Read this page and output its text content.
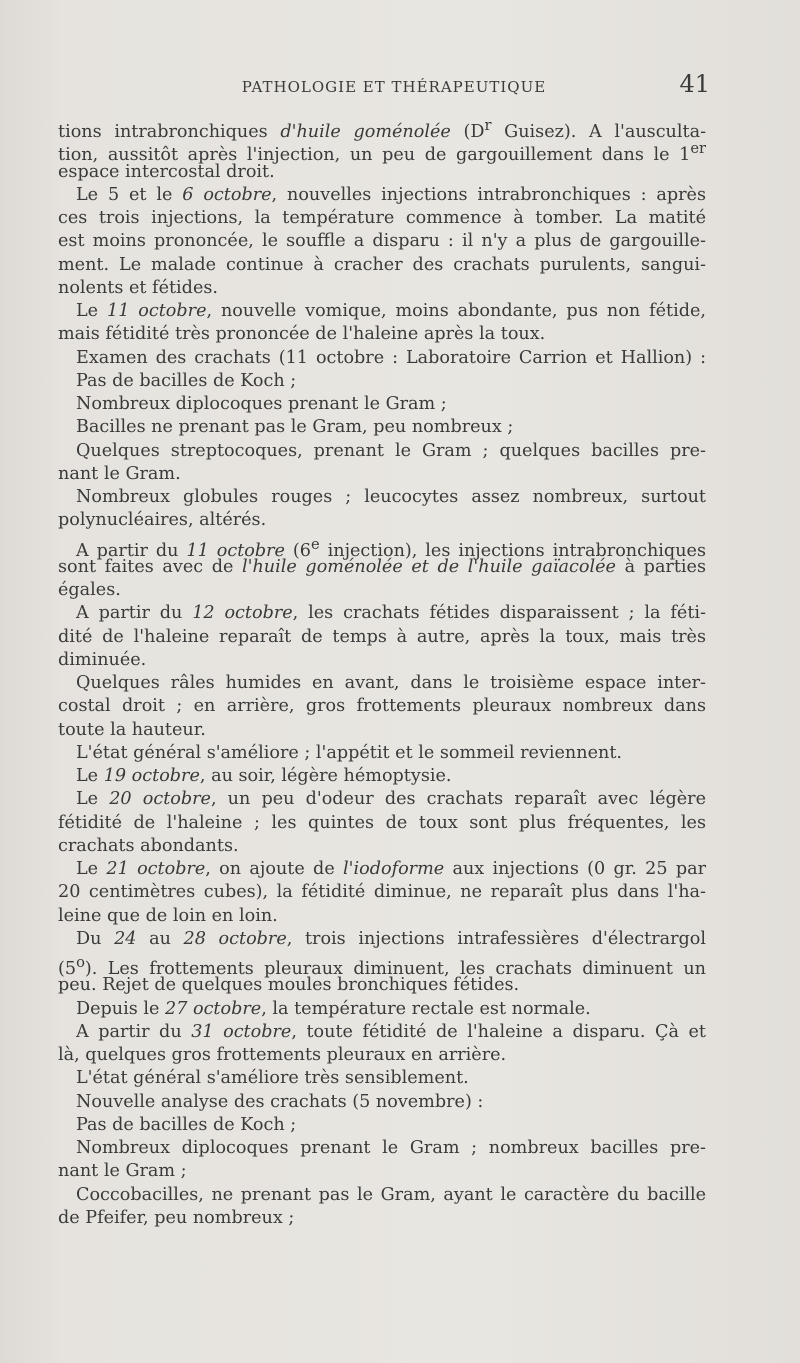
PATHOLOGIE ET THÉRAPEUTIQUE	41
tions intrabronchiques d'huile goménolée ($D^r$ Guisez). A l'ausculta-
tion, aussitôt après l'injection, un peu de gargouillement dans le 1er
espace intercostal droit.
Le 5 et le 6 octobre, nouvelles injections intrabronchiques : après
ces trois injections, la température commence à tomber. La matité
est moins prononcée, le souffle a disparu : il n'y a plus de gargouille-
ment. Le malade continue à cracher des crachats purulents, sangui-
nolents et fétides.
Le 11 octobre, nouvelle vomique, moins abondante, pus non fétide,
mais fétidité très prononcée de l'haleine après la toux.
Examen des crachats (11 octobre : Laboratoire Carrion et Hallion) :
Pas de bacilles de Koch ;
Nombreux diplocoques prenant le Gram ;
Bacilles ne prenant pas le Gram, peu nombreux ;
Quelques streptocoques, prenant le Gram ; quelques bacilles pre-
nant le Gram.
Nombreux globules rouges ; leucocytes assez nombreux, surtout
polynucléaires, altérés.
A partir du 11 octobre (6e injection), les injections intrabronchiques
sont faites avec de l'huile goménolée et de l'huile gaïacolée à parties
égales.
A partir du 12 octobre, les crachats fétides disparaissent ; la féti-
dité de l'haleine reparaît de temps à autre, après la toux, mais très
diminuée.
Quelques râles humides en avant, dans le troisième espace inter-
costal droit ; en arrière, gros frottements pleuraux nombreux dans
toute la hauteur.
L'état général s'améliore ; l'appétit et le sommeil reviennent.
Le 19 octobre, au soir, légère hémoptysie.
Le 20 octobre, un peu d'odeur des crachats reparaît avec légère
fétidité de l'haleine ; les quintes de toux sont plus fréquentes, les
crachats abondants.
Le 21 octobre, on ajoute de l'iodoforme aux injections (0 gr. 25 par
20 centimètres cubes), la fétidité diminue, ne reparaît plus dans l'ha-
leine que de loin en loin.
Du 24 au 28 octobre, trois injections intrafessières d'électrargol
(5$^o$). Les frottements pleuraux diminuent, les crachats diminuent un
peu. Rejet de quelques moules bronchiques fétides.
Depuis le 27 octobre, la température rectale est normale.
A partir du 31 octobre, toute fétidité de l'haleine a disparu. Çà et
là, quelques gros frottements pleuraux en arrière.
L'état général s'améliore très sensiblement.
Nouvelle analyse des crachats (5 novembre) :
Pas de bacilles de Koch ;
Nombreux diplocoques prenant le Gram ; nombreux bacilles pre-
nant le Gram ;
Coccobacilles, ne prenant pas le Gram, ayant le caractère du bacille
de Pfeifer, peu nombreux ;
